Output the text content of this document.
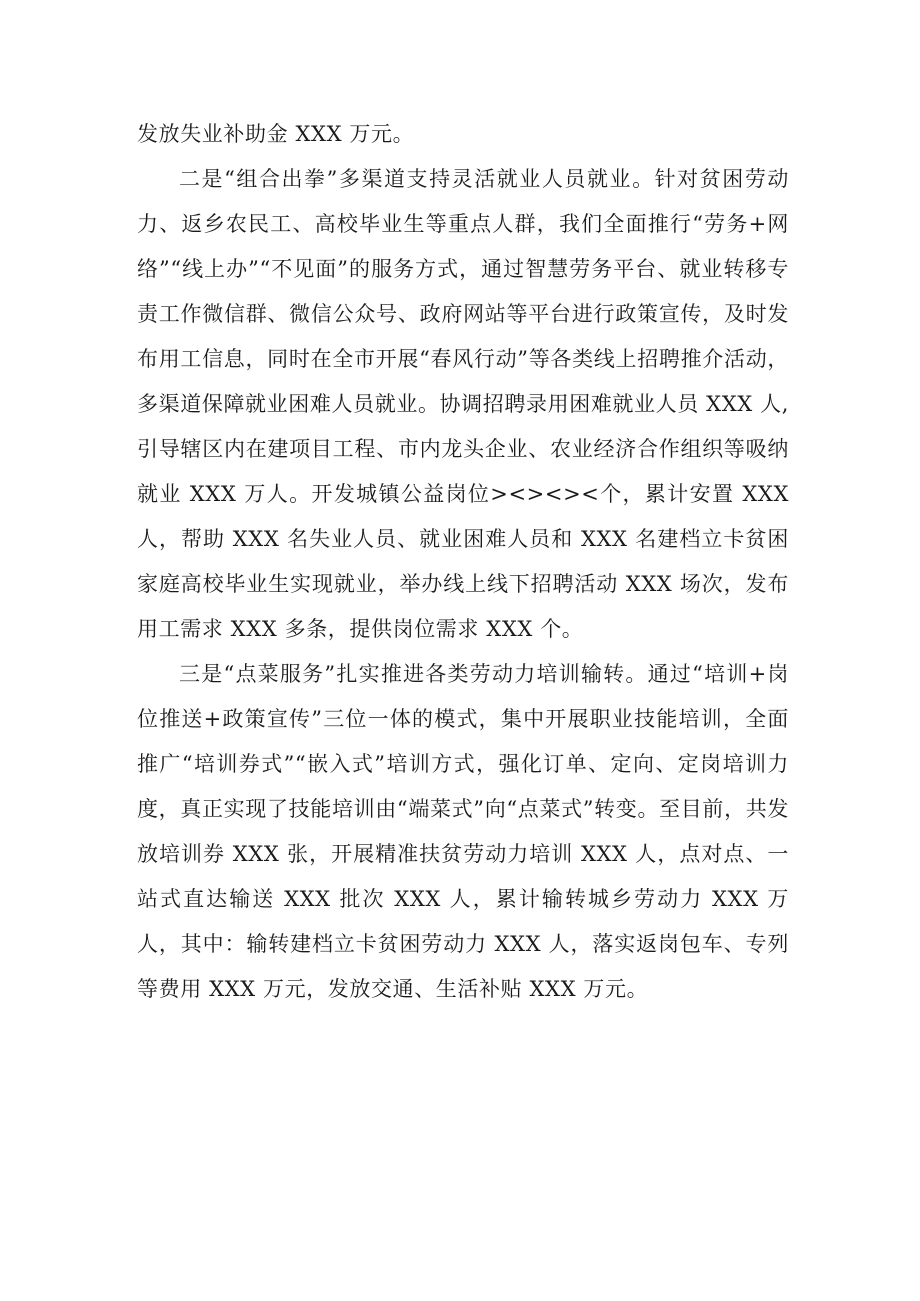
发放失业补助金 XXX 万元。

二是“组合出拳”多渠道支持灵活就业人员就业。针对贫困劳动力、返乡农民工、高校毕业生等重点人群，我们全面推行“劳务+网络”“线上办”“不见面”的服务方式，通过智慧劳务平台、就业转移专责工作微信群、微信公众号、政府网站等平台进行政策宣传，及时发布用工信息，同时在全市开展“春风行动”等各类线上招聘推介活动，多渠道保障就业困难人员就业。协调招聘录用困难就业人员 XXX 人,引导辖区内在建项目工程、市内龙头企业、农业经济合作组织等吸纳就业 XXX 万人。开发城镇公益岗位><><><个，累计安置 XXX 人，帮助 XXX 名失业人员、就业困难人员和 XXX 名建档立卡贫困家庭高校毕业生实现就业，举办线上线下招聘活动 XXX 场次，发布用工需求 XXX 多条，提供岗位需求 XXX 个。

三是“点菜服务”扎实推进各类劳动力培训输转。通过“培训+岗位推送+政策宣传”三位一体的模式，集中开展职业技能培训，全面推广“培训券式”“嵌入式”培训方式，强化订单、定向、定岗培训力度，真正实现了技能培训由“端菜式”向“点菜式”转变。至目前，共发放培训券 XXX 张，开展精准扶贫劳动力培训 XXX 人，点对点、一站式直达输送 XXX 批次 XXX 人，累计输转城乡劳动力 XXX 万人，其中：输转建档立卡贫困劳动力 XXX 人，落实返岗包车、专列等费用 XXX 万元，发放交通、生活补贴 XXX 万元。
